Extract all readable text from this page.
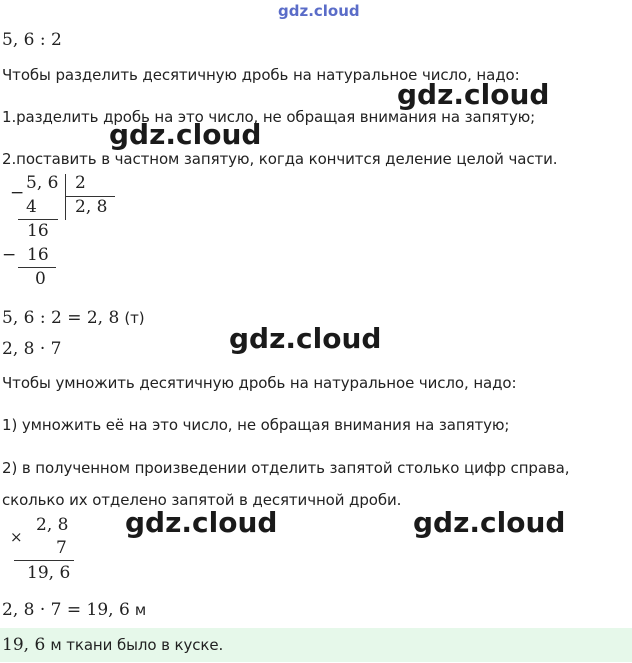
gdz.cloud
5, 6 : 2
Чтобы разделить десятичную дробь на натуральное число, надо:
1.разделить дробь на это число, не обращая внимания на запятую;
2.поставить в частном запятую, когда кончится деление целой части.
− 5, 6 2
4 2, 8
16
− 16
0
5, 6 : 2 = 2, 8 (т)
2, 8 · 7
Чтобы умножить десятичную дробь на натуральное число, надо:
1) умножить её на это число, не обращая внимания на запятую;
2) в полученном произведении отделить запятой столько цифр справа,
сколько их отделено запятой в десятичной дроби.
×
2, 8
7
19, 6
2, 8 · 7 = 19, 6 м
19, 6 м ткани было в куске.
gdz.cloud
gdz.cloud
gdz.cloud
gdz.cloud	gdz.cloud
